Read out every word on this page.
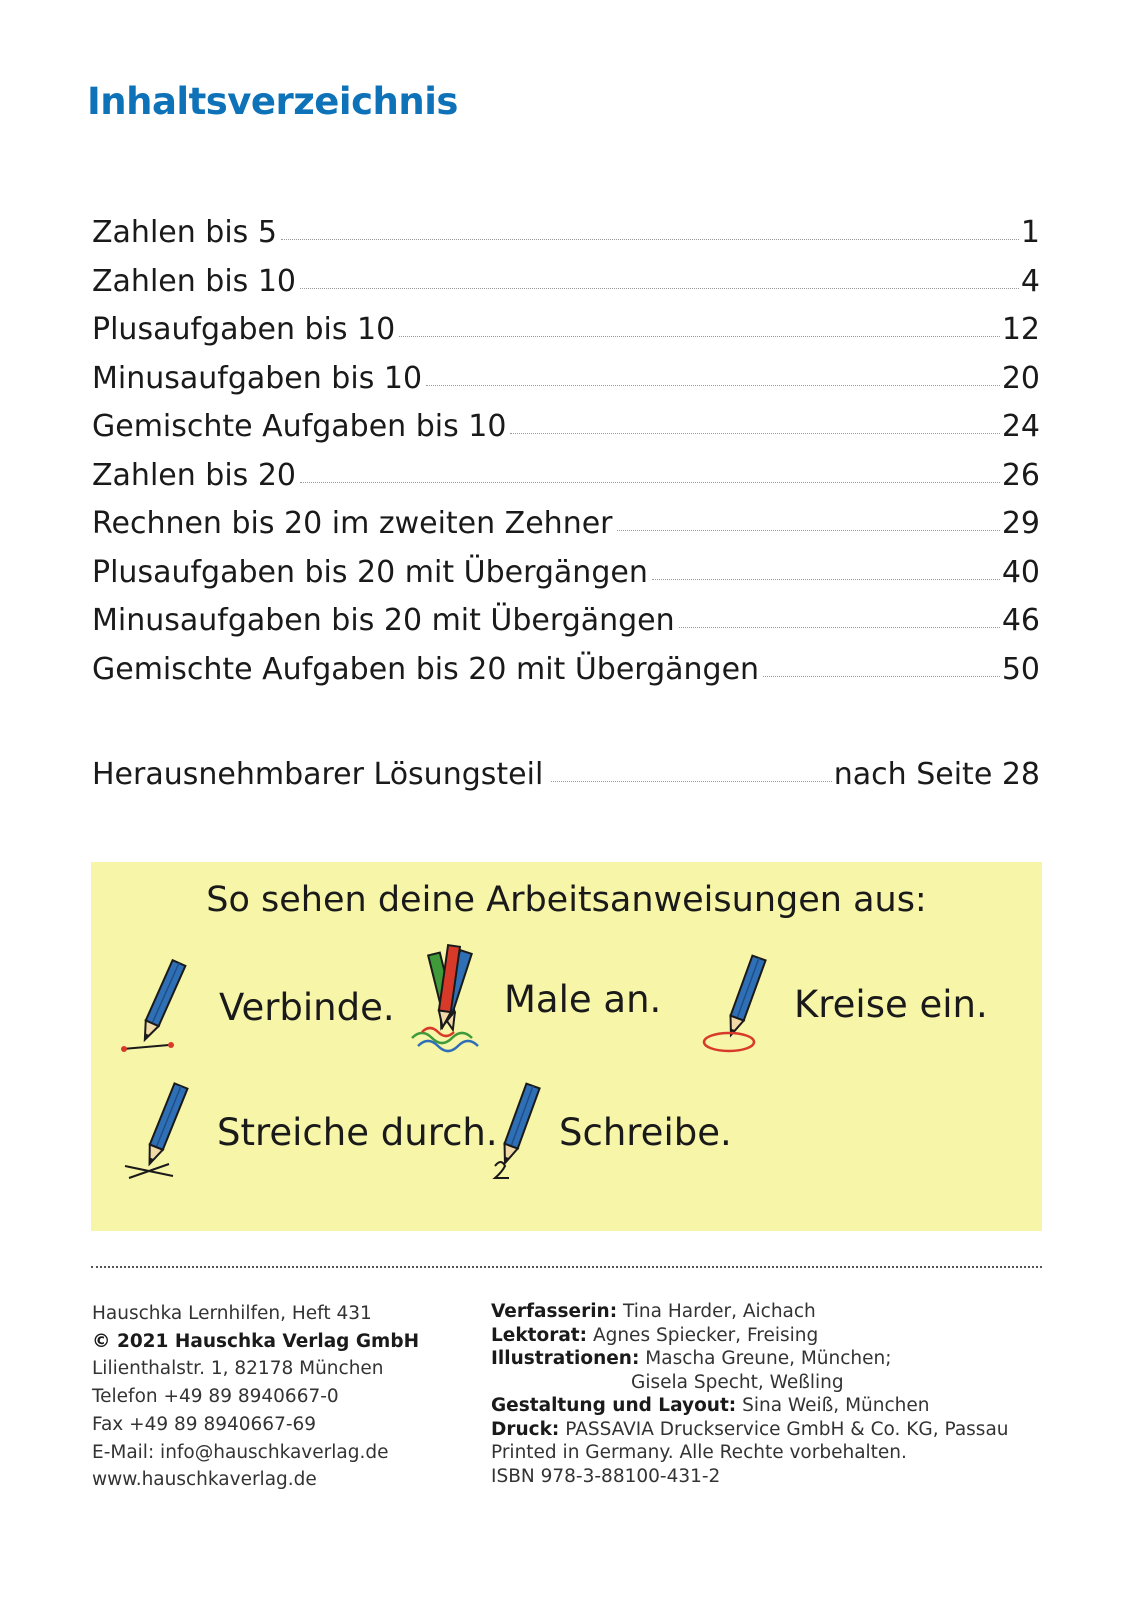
Inhaltsverzeichnis
Zahlen bis 5	1
Zahlen bis 10	4
Plusaufgaben bis 10	12
Minusaufgaben bis 10	20
Gemischte Aufgaben bis 10	24
Zahlen bis 20	26
Rechnen bis 20 im zweiten Zehner	29
Plusaufgaben bis 20 mit Übergängen	40
Minusaufgaben bis 20 mit Übergängen	46
Gemischte Aufgaben bis 20 mit Übergängen	50
Herausnehmbarer Lösungsteil	nach Seite 28
So sehen deine Arbeitsanweisungen aus:
Verbinde.	Male an.	Kreise ein.
Streiche durch. Schreibe.
Hauschka Lernhilfen, Heft 431
© 2021 Hauschka Verlag GmbH
Lilienthalstr. 1, 82178 München
Telefon +49 89 8940667-0
Fax +49 89 8940667-69
E-Mail: info@hauschkaverlag.de
www.hauschkaverlag.de
Verfasserin: Tina Harder, Aichach
Lektorat: Agnes Spiecker, Freising
Illustrationen: Mascha Greune, München;
Gisela Specht, Weßling
Gestaltung und Layout: Sina Weiß, München
Druck: PASSAVIA Druckservice GmbH & Co. KG, Passau
Printed in Germany. Alle Rechte vorbehalten.
ISBN 978-3-88100-431-2
